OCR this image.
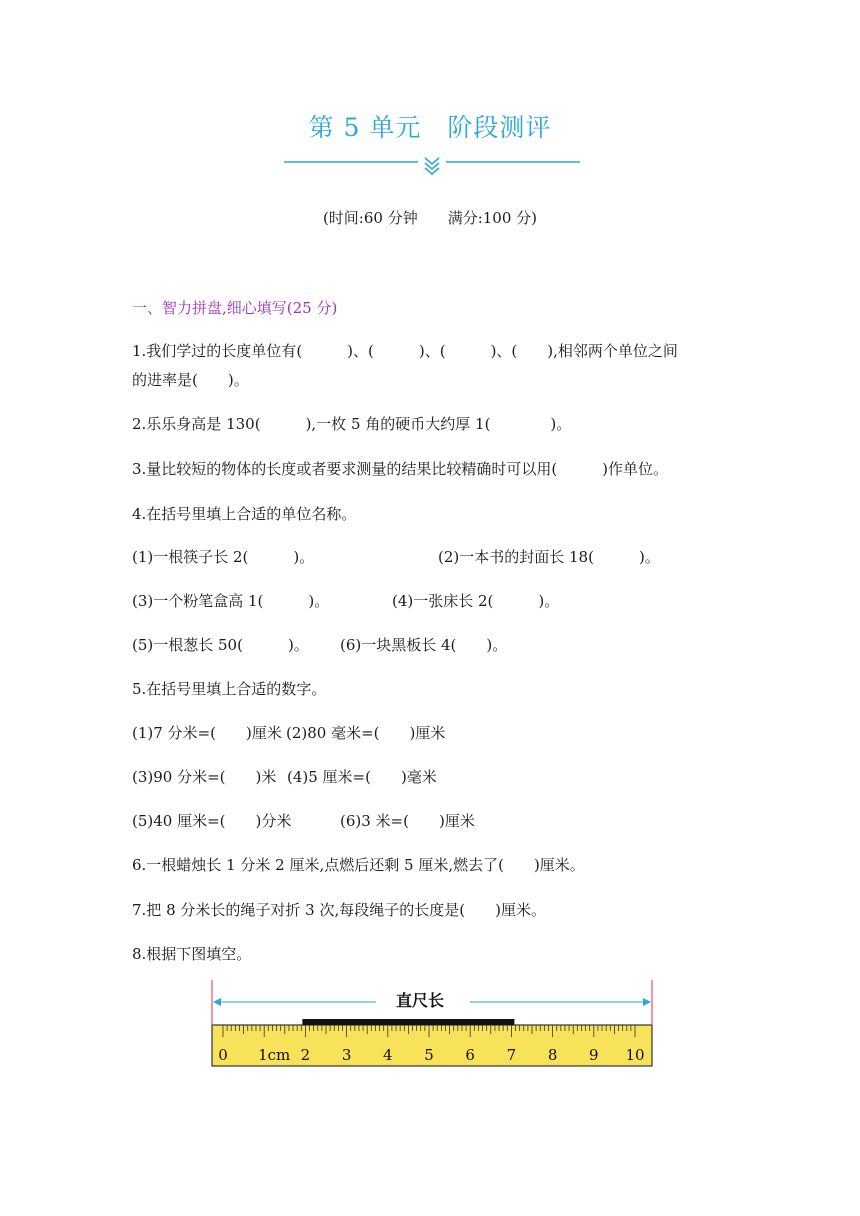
第 5 单元　阶段测评
(时间:60 分钟　　满分:100 分)
一、智力拼盘,细心填写(25 分)
1.我们学过的长度单位有(　　　)、(　　　)、(　　　)、(　　),相邻两个单位之间
的进率是(　　)。
2.乐乐身高是 130(　　　),一枚 5 角的硬币大约厚 1(　　　　)。
3.量比较短的物体的长度或者要求测量的结果比较精确时可以用(　　　)作单位。
4.在括号里填上合适的单位名称。
(1)一根筷子长 2(　　　)。	(2)一本书的封面长 18(　　　)。
(3)一个粉笔盒高 1(　　　)。	(4)一张床长 2(　　　)。
(5)一根葱长 50(　　　)。 (6)一块黑板长 4(　　)。
5.在括号里填上合适的数字。
(1)7 分米=(　　)厘米 (2)80 毫米=(　　)厘米
(3)90 分米=(　　)米 (4)5 厘米=(　　)毫米
(5)40 厘米=(　　)分米	(6)3 米=(　　)厘米
6.一根蜡烛长 1 分米 2 厘米,点燃后还剩 5 厘米,燃去了(　　)厘米。
7.把 8 分米长的绳子对折 3 次,每段绳子的长度是(　　)厘米。
8.根据下图填空。
直尺长
0 1cm 2 3 4 5 6 7 8 9 10
